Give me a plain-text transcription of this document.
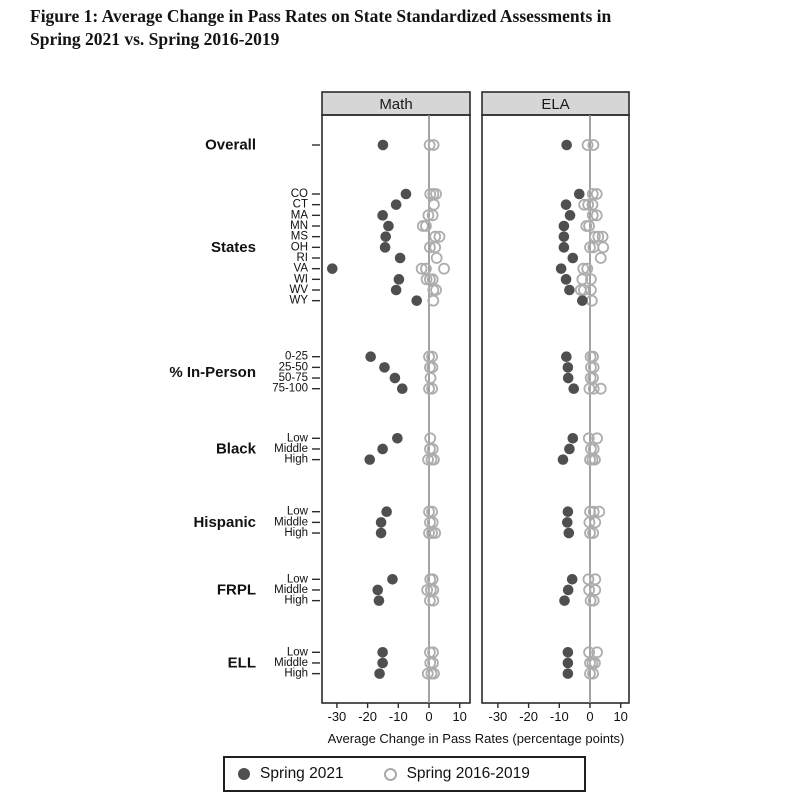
Figure 1: Average Change in Pass Rates on State Standardized Assessments in
Spring 2021 vs. Spring 2016-2019
Math
-30 -20 -10 0 10
ELA
-30 -20 -10 0 10
Overall
States
CO
CT
MA
MN
MS
OH
RI
VA
WI
WV
WY
% In-Person
0-25
25-50
50-75
75-100
Black
Low
Middle
High
Hispanic
Low
Middle
High
FRPL
Low
Middle
High
ELL
Low
Middle
High
Average Change in Pass Rates (percentage points)
Spring 2021	Spring 2016-2019
